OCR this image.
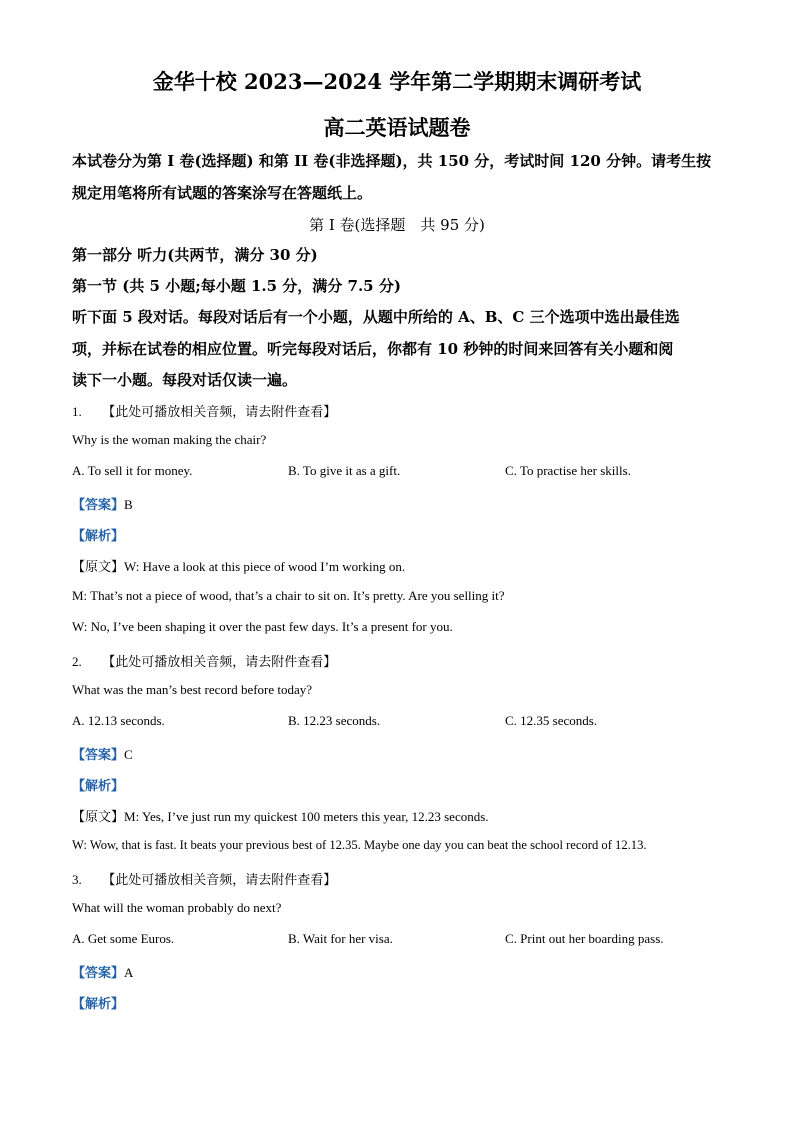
金华十校 2023—2024 学年第二学期期末调研考试
高二英语试题卷
本试卷分为第 I 卷(选择题) 和第 II 卷(非选择题)，共 150 分，考试时间 120 分钟。请考生按
规定用笔将所有试题的答案涂写在答题纸上。
第 I 卷(选择题　共 95 分)
第一部分 听力(共两节，满分 30 分)
第一节 (共 5 小题;每小题 1.5 分，满分 7.5 分)
听下面 5 段对话。每段对话后有一个小题，从题中所给的 A、B、C 三个选项中选出最佳选
项，并标在试卷的相应位置。听完每段对话后，你都有 10 秒钟的时间来回答有关小题和阅
读下一小题。每段对话仅读一遍。
1. 【此处可播放相关音频，请去附件查看】
Why is the woman making the chair?
A. To sell it for money.	B. To give it as a gift.	C. To practise her skills.
【答案】B
【解析】
【原文】W: Have a look at this piece of wood I’m working on.
M: That’s not a piece of wood, that’s a chair to sit on. It’s pretty. Are you selling it?
W: No, I’ve been shaping it over the past few days. It’s a present for you.
2. 【此处可播放相关音频，请去附件查看】
What was the man’s best record before today?
A. 12.13 seconds.	B. 12.23 seconds.	C. 12.35 seconds.
【答案】C
【解析】
【原文】M: Yes, I’ve just run my quickest 100 meters this year, 12.23 seconds.
W: Wow, that is fast. It beats your previous best of 12.35. Maybe one day you can beat the school record of 12.13.
3. 【此处可播放相关音频，请去附件查看】
What will the woman probably do next?
A. Get some Euros.	B. Wait for her visa.	C. Print out her boarding pass.
【答案】A
【解析】
